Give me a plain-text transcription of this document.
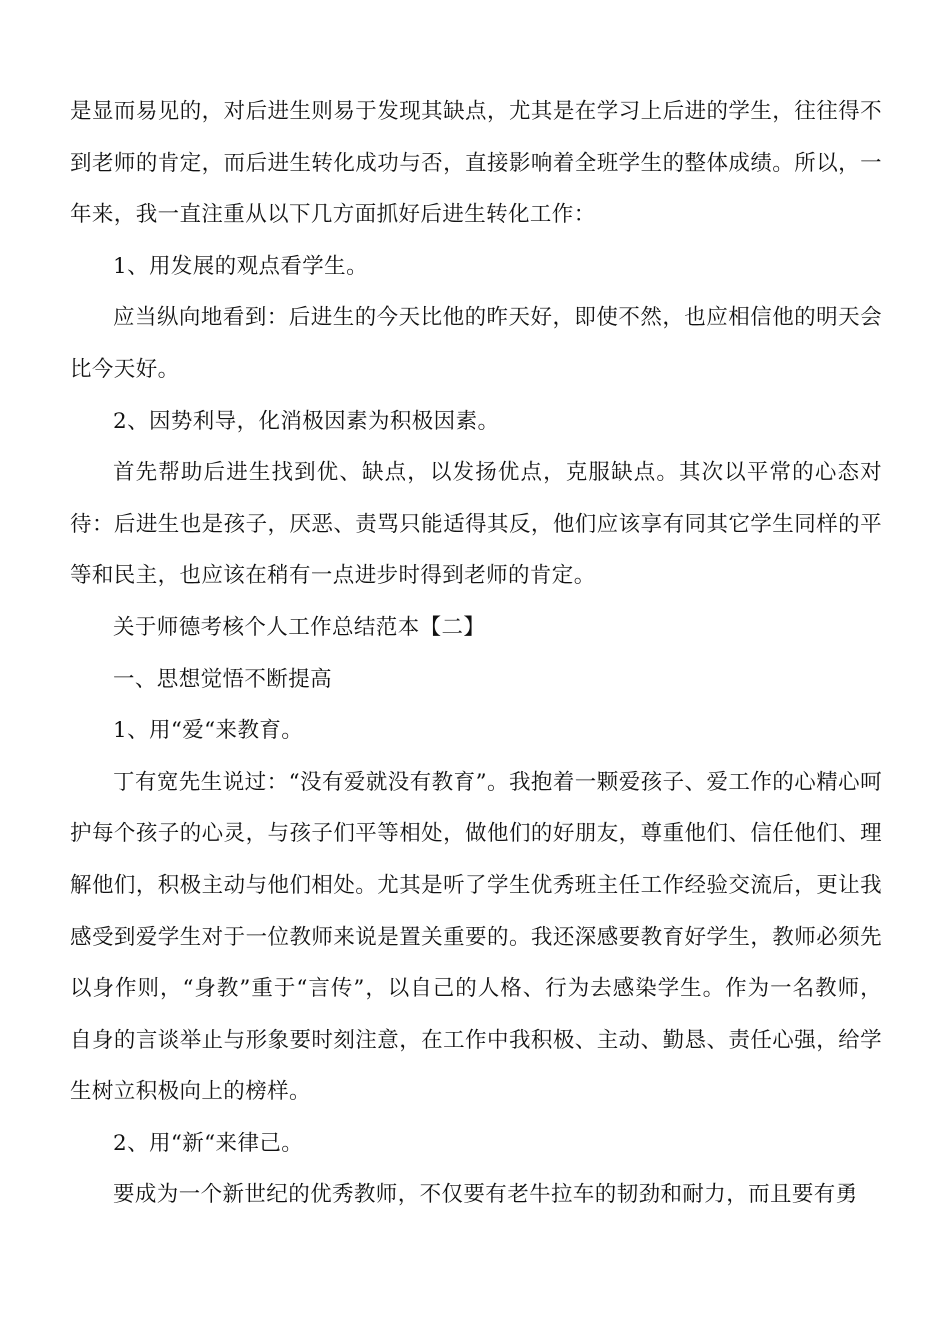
是显而易见的，对后进生则易于发现其缺点，尤其是在学习上后进的学生，往往得不到老师的肯定，而后进生转化成功与否，直接影响着全班学生的整体成绩。所以，一年来，我一直注重从以下几方面抓好后进生转化工作：

1、用发展的观点看学生。

应当纵向地看到：后进生的今天比他的昨天好，即使不然，也应相信他的明天会比今天好。

2、因势利导，化消极因素为积极因素。

首先帮助后进生找到优、缺点，以发扬优点，克服缺点。其次以平常的心态对待：后进生也是孩子，厌恶、责骂只能适得其反，他们应该享有同其它学生同样的平等和民主，也应该在稍有一点进步时得到老师的肯定。

关于师德考核个人工作总结范本【二】

一、思想觉悟不断提高

1、用“爱“来教育。

丁有宽先生说过：“没有爱就没有教育”。我抱着一颗爱孩子、爱工作的心精心呵护每个孩子的心灵，与孩子们平等相处，做他们的好朋友，尊重他们、信任他们、理解他们，积极主动与他们相处。尤其是听了学生优秀班主任工作经验交流后，更让我感受到爱学生对于一位教师来说是置关重要的。我还深感要教育好学生，教师必须先以身作则，“身教”重于“言传”，以自己的人格、行为去感染学生。作为一名教师，自身的言谈举止与形象要时刻注意，在工作中我积极、主动、勤恳、责任心强，给学生树立积极向上的榜样。

2、用“新“来律己。

要成为一个新世纪的优秀教师，不仅要有老牛拉车的韧劲和耐力，而且要有勇
